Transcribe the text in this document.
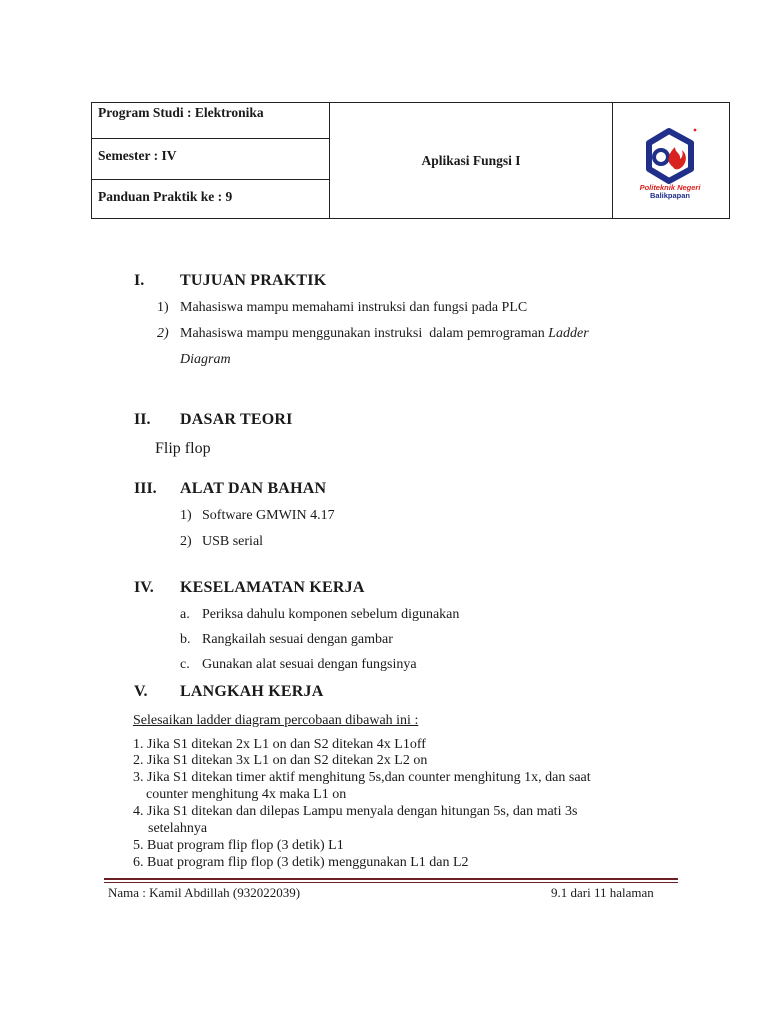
Program Studi : Elektronika
Semester : IV
Panduan Praktik ke : 9
Aplikasi Fungsi I
Politeknik Negeri
Balikpapan
I. TUJUAN PRAKTIK
1) Mahasiswa mampu memahami instruksi dan fungsi pada PLC
2) Mahasiswa mampu menggunakan instruksi  dalam pemrograman Ladder
Diagram
II. DASAR TEORI
Flip flop
III. ALAT DAN BAHAN
1) Software GMWIN 4.17
2) USB serial
IV. KESELAMATAN KERJA
a. Periksa dahulu komponen sebelum digunakan
b. Rangkailah sesuai dengan gambar
c. Gunakan alat sesuai dengan fungsinya
V. LANGKAH KERJA
Selesaikan ladder diagram percobaan dibawah ini :
1. Jika S1 ditekan 2x L1 on dan S2 ditekan 4x L1off
2. Jika S1 ditekan 3x L1 on dan S2 ditekan 2x L2 on
3. Jika S1 ditekan timer aktif menghitung 5s,dan counter menghitung 1x, dan saat
counter menghitung 4x maka L1 on
4. Jika S1 ditekan dan dilepas Lampu menyala dengan hitungan 5s, dan mati 3s
setelahnya
5. Buat program flip flop (3 detik) L1
6. Buat program flip flop (3 detik) menggunakan L1 dan L2
Nama : Kamil Abdillah (932022039)	9.1 dari 11 halaman
